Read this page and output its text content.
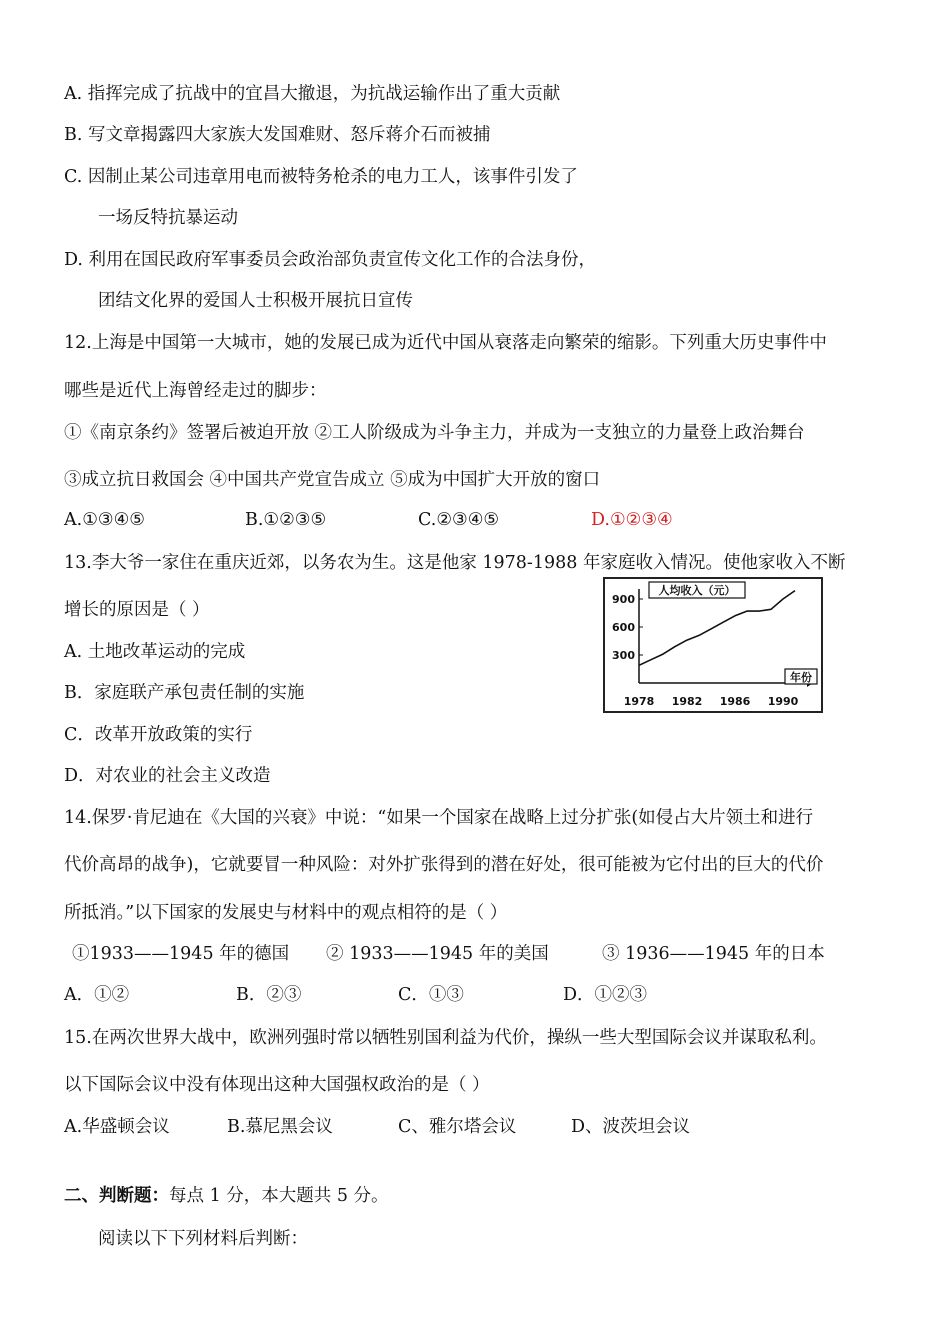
A. 指挥完成了抗战中的宜昌大撤退，为抗战运输作出了重大贡献
B. 写文章揭露四大家族大发国难财、怒斥蒋介石而被捕
C. 因制止某公司违章用电而被特务枪杀的电力工人，该事件引发了
一场反特抗暴运动
D. 利用在国民政府军事委员会政治部负责宣传文化工作的合法身份，
团结文化界的爱国人士积极开展抗日宣传
12.上海是中国第一大城市，她的发展已成为近代中国从衰落走向繁荣的缩影。下列重大历史事件中
哪些是近代上海曾经走过的脚步：
①《南京条约》签署后被迫开放 ②工人阶级成为斗争主力，并成为一支独立的力量登上政治舞台
③成立抗日救国会 ④中国共产党宣告成立 ⑤成为中国扩大开放的窗口
A.①③④⑤	B.①②③⑤	C.②③④⑤	D.①②③④
13.李大爷一家住在重庆近郊，以务农为生。这是他家 1978-1988 年家庭收入情况。使他家收入不断
增长的原因是（ ）
A. 土地改革运动的完成
B．家庭联产承包责任制的实施
C．改革开放政策的实行
D．对农业的社会主义改造
人均收入（元）
年份
300
600
900
1978 1982 1986 1990
14.保罗·肯尼迪在《大国的兴衰》中说：“如果一个国家在战略上过分扩张(如侵占大片领土和进行
代价高昂的战争)，它就要冒一种风险：对外扩张得到的潜在好处，很可能被为它付出的巨大的代价
所抵消。”以下国家的发展史与材料中的观点相符的是（ ）
①1933——1945 年的德国 ② 1933——1945 年的美国	③ 1936——1945 年的日本
A．①②	B．②③	C．①③	D．①②③
15.在两次世界大战中，欧洲列强时常以牺牲别国利益为代价，操纵一些大型国际会议并谋取私利。
以下国际会议中没有体现出这种大国强权政治的是（ ）
A.华盛顿会议	B.慕尼黑会议	C、雅尔塔会议	D、波茨坦会议
二、判断题：每点 1 分，本大题共 5 分。
阅读以下下列材料后判断：
